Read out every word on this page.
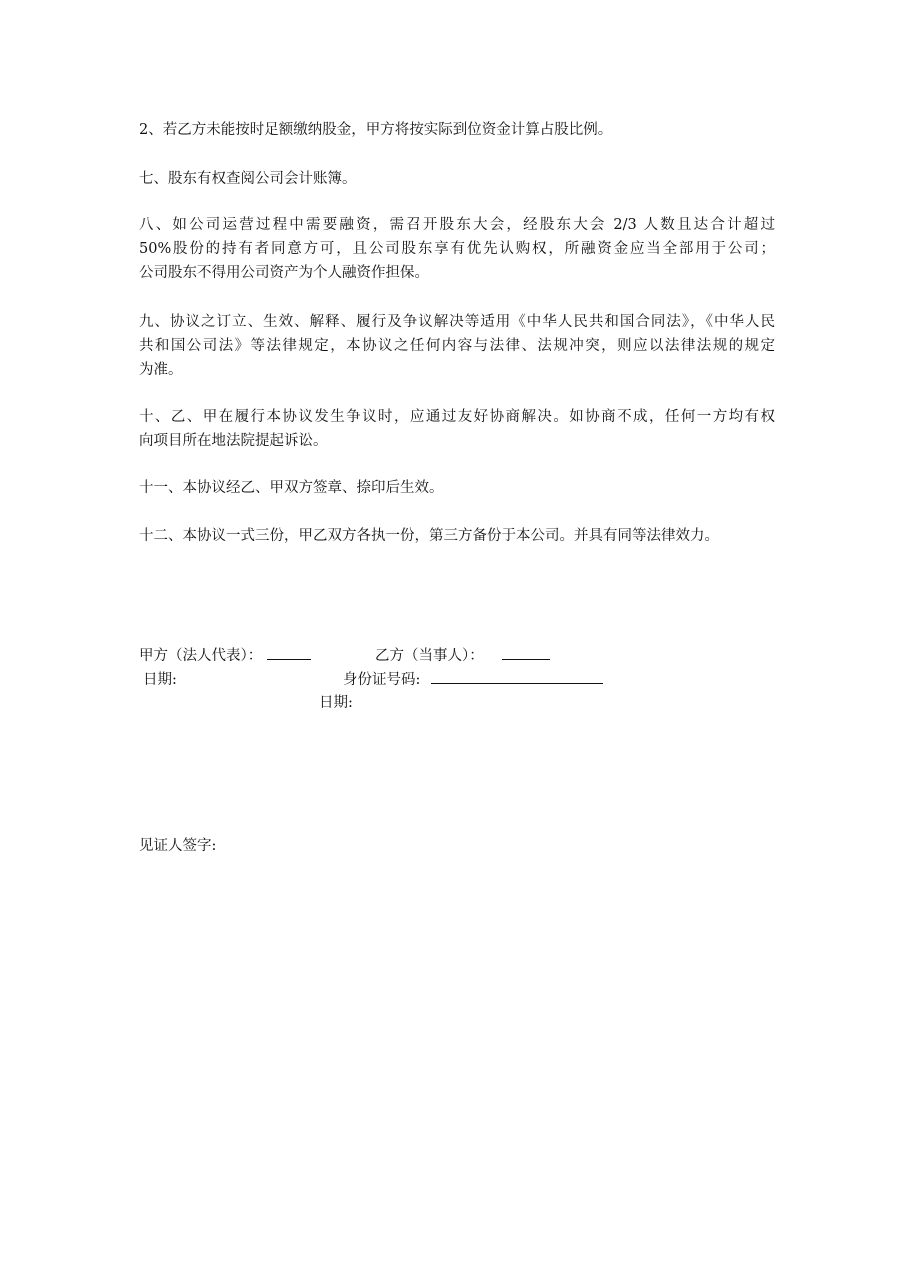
2、若乙方未能按时足额缴纳股金，甲方将按实际到位资金计算占股比例。

七、股东有权查阅公司会计账簿。

八、如公司运营过程中需要融资，需召开股东大会，经股东大会 2/3 人数且达合计超过
50%股份的持有者同意方可，且公司股东享有优先认购权，所融资金应当全部用于公司；
公司股东不得用公司资产为个人融资作担保。

九、协议之订立、生效、解释、履行及争议解决等适用《中华人民共和国合同法》，《中华人民
共和国公司法》等法律规定，本协议之任何内容与法律、法规冲突，则应以法律法规的规定
为准。

十、乙、甲在履行本协议发生争议时，应通过友好协商解决。如协商不成，任何一方均有权
向项目所在地法院提起诉讼。

十一、本协议经乙、甲双方签章、捺印后生效。

十二、本协议一式三份，甲乙双方各执一份，第三方备份于本公司。并具有同等法律效力。

甲方（法人代表）：	乙方（当事人）：
日期:	身份证号码:
日期:
见证人签字:
